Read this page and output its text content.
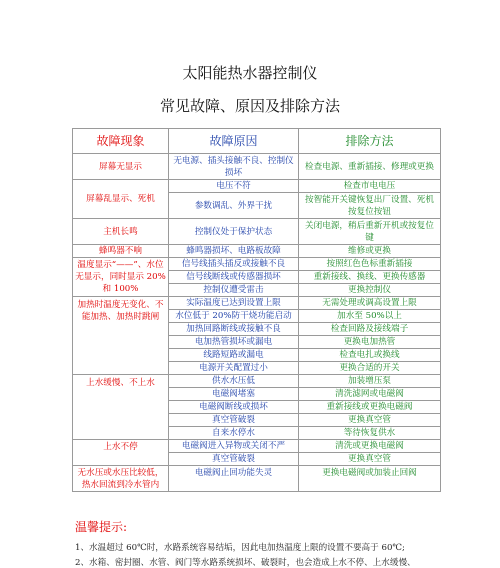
太阳能热水器控制仪
常见故障、原因及排除方法
故障现象	故障原因	排除方法
屏幕无显示	无电源、插头接触不良、控制仪损坏	检查电源、重新插接、修理或更换
屏幕乱显示、死机	电压不符	检查市电电压
	参数调乱、外界干扰	按智能开关键恢复出厂设置、死机按复位按钮
主机长鸣	控制仪处于保护状态	关闭电源，稍后重新开机或按复位键
蜂鸣器不响	蜂鸣器损坏、电路板故障	维修或更换
温度显示“——”、水位无显示，同时显示 20%和 100%	信号线插头插反或接触不良	按照红色色标重新插接
	信号线断线或传感器损坏	重新接线、换线、更换传感器
	控制仪遭受雷击	更换控制仪
加热时温度无变化、不能加热、加热时跳闸	实际温度已达到设置上限	无需处理或调高设置上限
	水位低于 20%防干烧功能启动	加水至 50%以上
	加热回路断线或接触不良	检查回路及接线端子
	电加热管损坏或漏电	更换电加热管
	线路短路或漏电	检查电扎或换线
	电源开关配置过小	更换合适的开关
上水缓慢、不上水	供水水压低	加装增压泵
	电磁阀堵塞	清洗滤网或电磁阀
	电磁阀断线或损坏	重新接线或更换电磁阀
	真空管破裂	更换真空管
	自来水停水	等待恢复供水
上水不停	电磁阀进入异物或关闭不严	清洗或更换电磁阀
	真空管破裂	更换真空管
无水压或水压比较低，热水回流到冷水管内	电磁阀止回功能失灵	更换电磁阀或加装止回阀
温馨提示:
1、水温超过 60℃时，水路系统容易结垢，因此电加热温度上限的设置不要高于 60℃;
2、水箱、密封圈、水管、阀门等水路系统损坏、破裂时，也会造成上水不停、上水缓慢、
